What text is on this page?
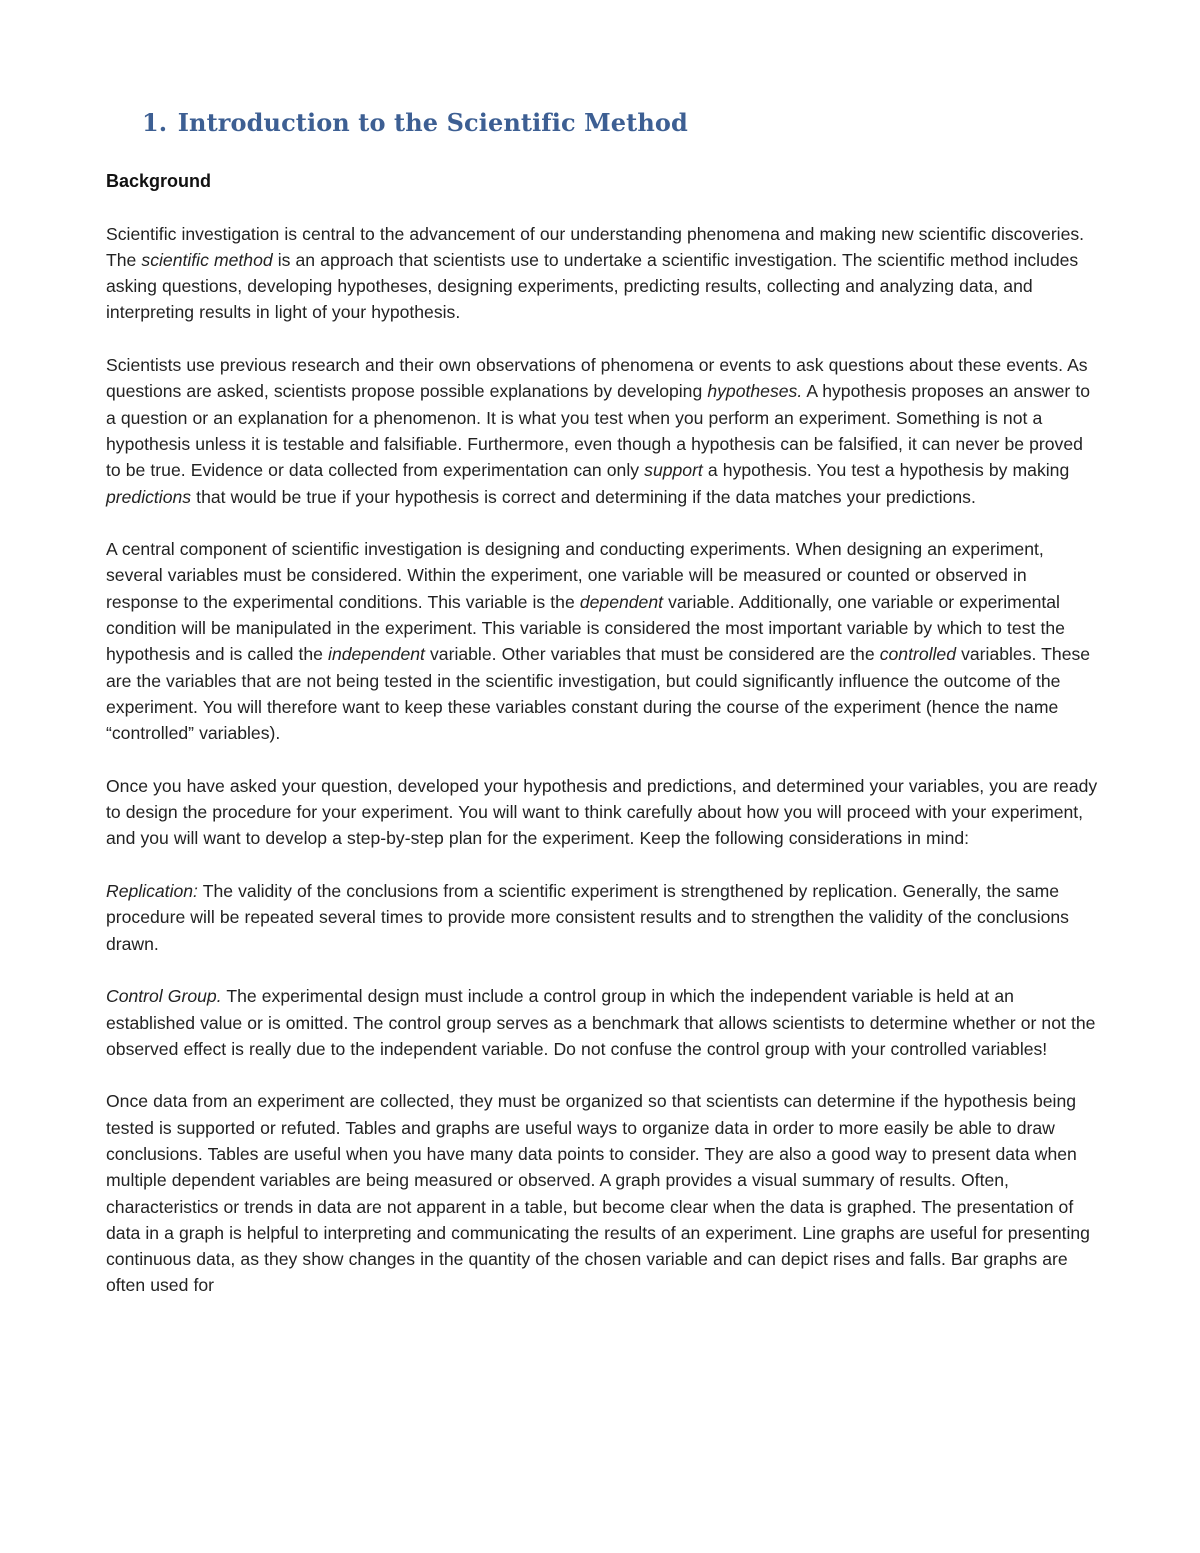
1. Introduction to the Scientific Method
Background

Scientific investigation is central to the advancement of our understanding phenomena and making new scientific discoveries. The scientific method is an approach that scientists use to undertake a scientific investigation. The scientific method includes asking questions, developing hypotheses, designing experiments, predicting results, collecting and analyzing data, and interpreting results in light of your hypothesis.

Scientists use previous research and their own observations of phenomena or events to ask questions about these events. As questions are asked, scientists propose possible explanations by developing hypotheses. A hypothesis proposes an answer to a question or an explanation for a phenomenon. It is what you test when you perform an experiment. Something is not a hypothesis unless it is testable and falsifiable. Furthermore, even though a hypothesis can be falsified, it can never be proved to be true. Evidence or data collected from experimentation can only support a hypothesis. You test a hypothesis by making predictions that would be true if your hypothesis is correct and determining if the data matches your predictions.

A central component of scientific investigation is designing and conducting experiments. When designing an experiment, several variables must be considered. Within the experiment, one variable will be measured or counted or observed in response to the experimental conditions. This variable is the dependent variable. Additionally, one variable or experimental condition will be manipulated in the experiment. This variable is considered the most important variable by which to test the hypothesis and is called the independent variable. Other variables that must be considered are the controlled variables. These are the variables that are not being tested in the scientific investigation, but could significantly influence the outcome of the experiment. You will therefore want to keep these variables constant during the course of the experiment (hence the name “controlled” variables).

Once you have asked your question, developed your hypothesis and predictions, and determined your variables, you are ready to design the procedure for your experiment. You will want to think carefully about how you will proceed with your experiment, and you will want to develop a step-by-step plan for the experiment. Keep the following considerations in mind:

Replication: The validity of the conclusions from a scientific experiment is strengthened by replication. Generally, the same procedure will be repeated several times to provide more consistent results and to strengthen the validity of the conclusions drawn.

Control Group. The experimental design must include a control group in which the independent variable is held at an established value or is omitted. The control group serves as a benchmark that allows scientists to determine whether or not the observed effect is really due to the independent variable. Do not confuse the control group with your controlled variables!

Once data from an experiment are collected, they must be organized so that scientists can determine if the hypothesis being tested is supported or refuted. Tables and graphs are useful ways to organize data in order to more easily be able to draw conclusions. Tables are useful when you have many data points to consider. They are also a good way to present data when multiple dependent variables are being measured or observed. A graph provides a visual summary of results. Often, characteristics or trends in data are not apparent in a table, but become clear when the data is graphed. The presentation of data in a graph is helpful to interpreting and communicating the results of an experiment. Line graphs are useful for presenting continuous data, as they show changes in the quantity of the chosen variable and can depict rises and falls. Bar graphs are often used for
